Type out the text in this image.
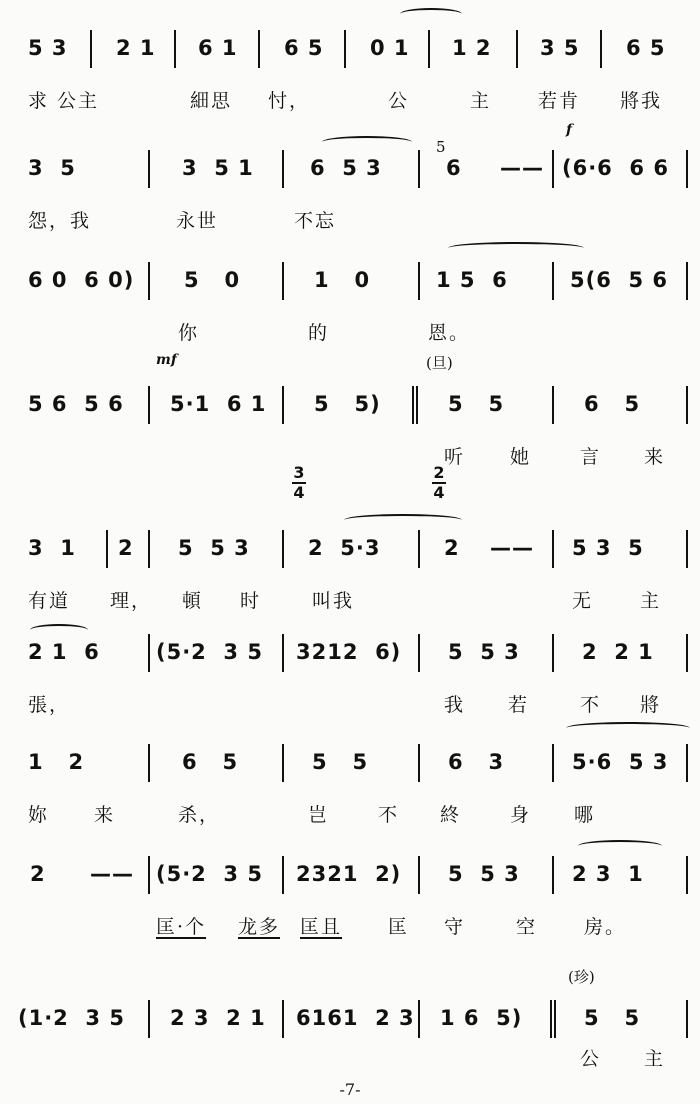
5 3 2 1 6 1 6 5 0 1 1 2 3 5 6 5
求 公主	細思 忖，	公	主 若肯 將我
f
3  5	3  5 1	6  5 3
5
6 —— (6·6  6 6
怨，我	永世	不忘
6 0  6 0) 5   0	1   0	1 5  6	5(6  5 6
你	的	恩。
mf	(旦)
5 6  5 6 5·1  6 1 5   5)	5   5	6   5
听 她	言 来
3
4
2
4
3  1 2 5  5 3	2  5·3	2 —— 5 3  5
有道 理， 頓 时	叫我	无 主
2 1  6	(5·2  3 5 3212  6) 5  5 3	2  2 1
張，	我 若	不 將
1   2	6   5	5   5	6   3	5·6  5 3
妳 来	杀，	岂	不 終	身 哪
2 —— (5·2  3 5 2321  2) 5  5 3 2 3  1
匡·个 龙多 匡且 匡 守	空 房。
(珍)
(1·2  3 5 2 3  2 1 6161  2 3 1 6  5)	5   5
公 主
-7-
